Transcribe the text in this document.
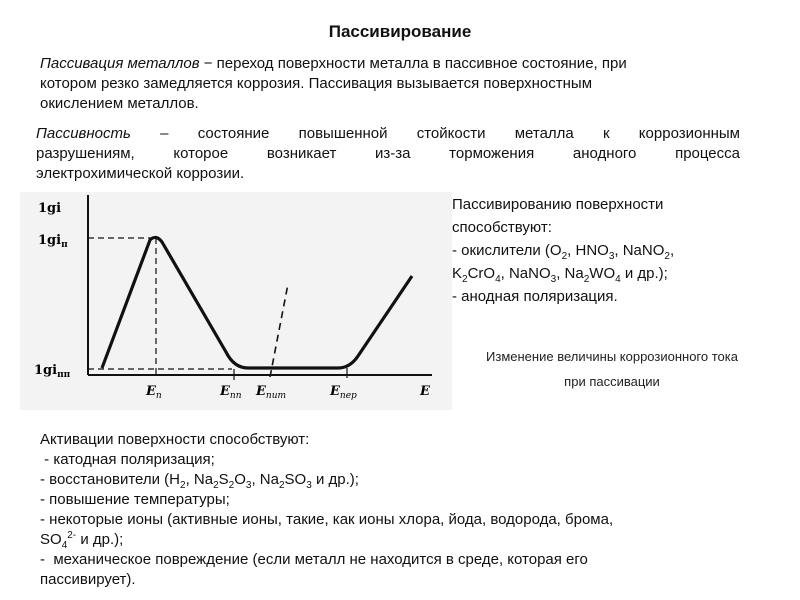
Пассивирование
Пассивация металлов − переход поверхности металла в пассивное состояние, при
котором резко замедляется коррозия. Пассивация вызывается поверхностным
окислением металлов.
Пассивность – состояние повышенной стойкости металла к коррозионным
разрушениям, которое возникает из-за торможения анодного процесса
электрохимической коррозии.
1gi
$1gi_п$
$1gi_{пп}$
$E_п$	$E_{пп}$ $E_{пит}$	$E_{пер}$	E
Пассивированию поверхности
способствуют:
- окислители ($O_2$, $HNO_3$, NaNO$_2$,
$K_2CrO_4$, NaNO$_3$, $Na_2WO_4$ и др.);
- анодная поляризация.
Изменение величины коррозионного тока
при пассивации
Активации поверхности способствуют:
- катодная поляризация;
- восстановители ($H_2$, $Na_2S_2O_3$, $Na_2SO_3$ и др.);
- повышение температуры;
- некоторые ионы (активные ионы, такие, как ионы хлора, йода, водорода, брома,
$SO_4^{2-}$ и др.);
-  механическое повреждение (если металл не находится в среде, которая его
пассивирует).
